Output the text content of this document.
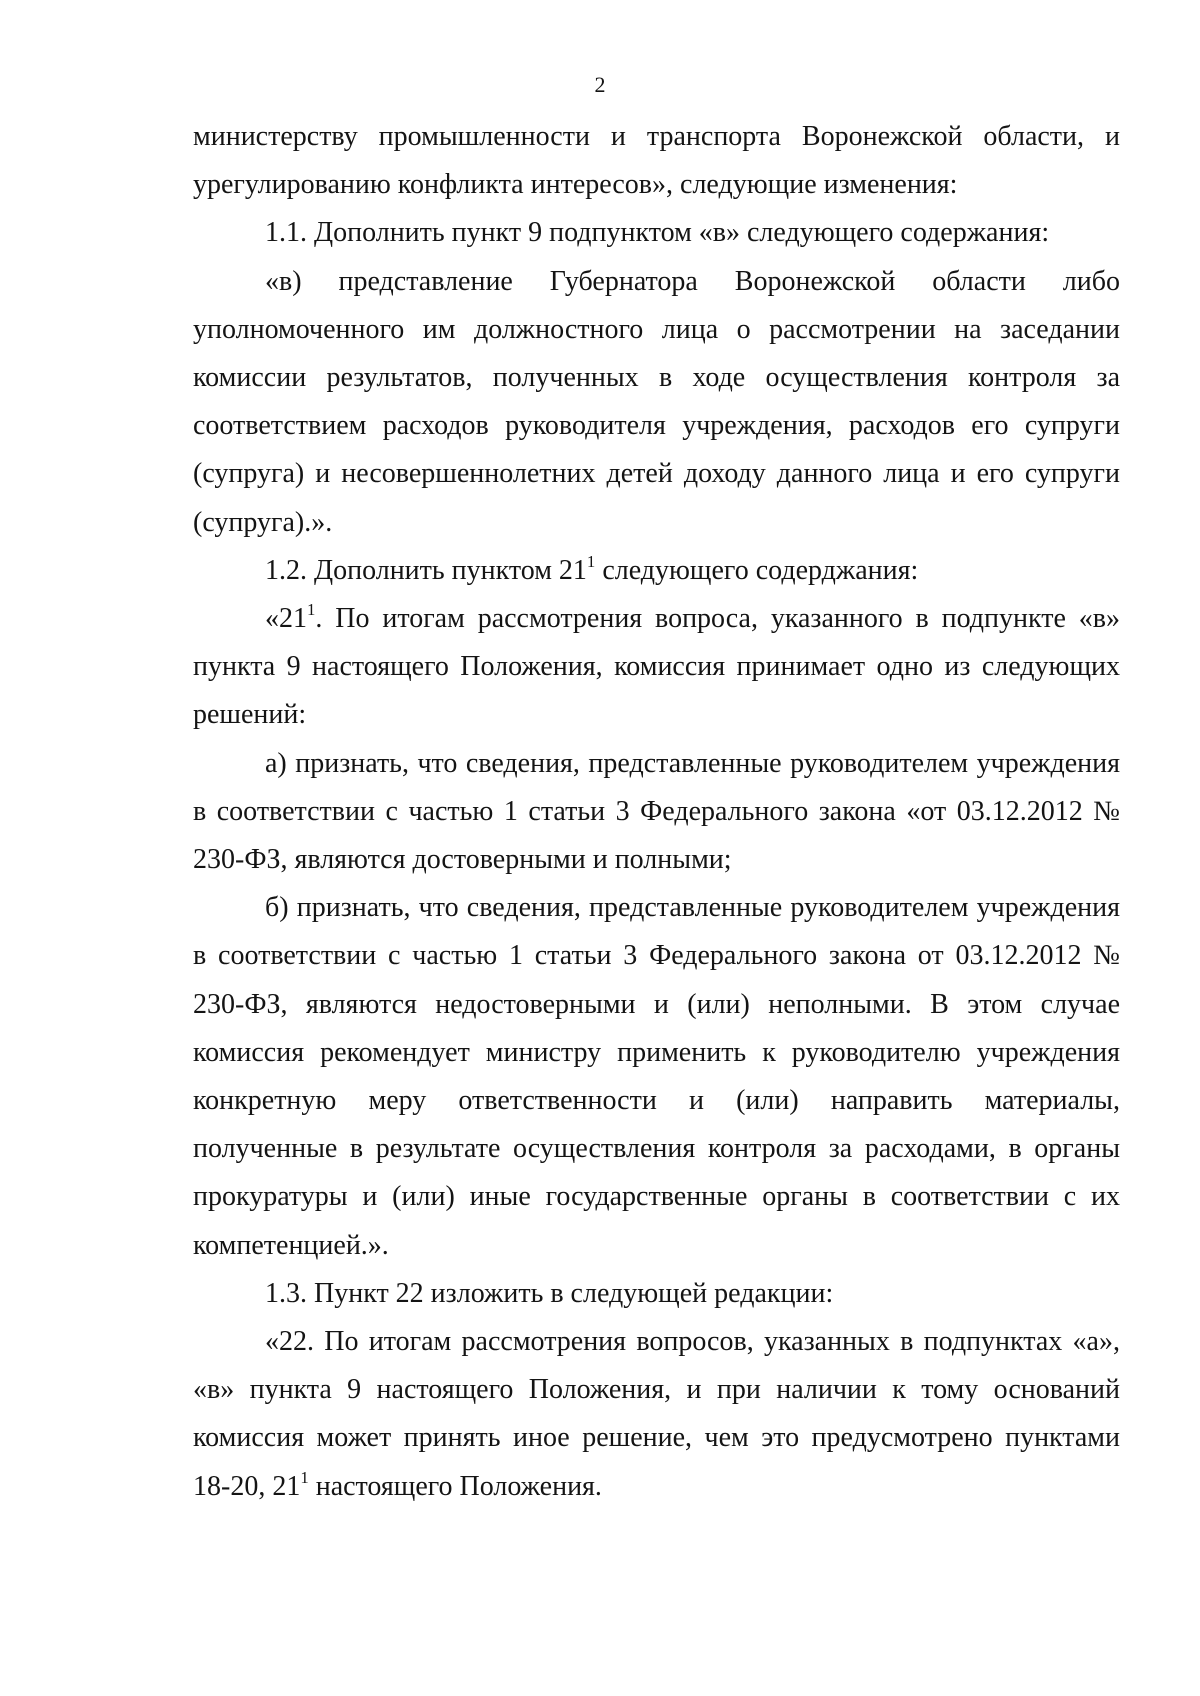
2

министерству промышленности и транспорта Воронежской области, и урегулированию конфликта интересов», следующие изменения:

1.1. Дополнить пункт 9 подпунктом «в» следующего содержания:

«в) представление Губернатора Воронежской области либо уполномоченного им должностного лица о рассмотрении на заседании комиссии результатов, полученных в ходе осуществления контроля за соответствием расходов руководителя учреждения, расходов его супруги (супруга) и несовершеннолетних детей доходу данного лица и его супруги (супруга).».

1.2. Дополнить пунктом $21^1$ следующего содерджания:

«$21^1$. По итогам рассмотрения вопроса, указанного в подпункте «в» пункта 9 настоящего Положения, комиссия принимает одно из следующих решений:

а) признать, что сведения, представленные руководителем учреждения в соответствии с частью 1 статьи 3 Федерального закона «от 03.12.2012 № 230-ФЗ, являются достоверными и полными;

б) признать, что сведения, представленные руководителем учреждения в соответствии с частью 1 статьи 3 Федерального закона от 03.12.2012 № 230-ФЗ, являются недостоверными и (или) неполными. В этом случае комиссия рекомендует министру применить к руководителю учреждения конкретную меру ответственности и (или) направить материалы, полученные в результате осуществления контроля за расходами, в органы прокуратуры и (или) иные государственные органы в соответствии с их компетенцией.».

1.3. Пункт 22 изложить в следующей редакции:

«22. По итогам рассмотрения вопросов, указанных в подпунктах «а», «в» пункта 9 настоящего Положения, и при наличии к тому оснований комиссия может принять иное решение, чем это предусмотрено пунктами 18-20, $21^1$ настоящего Положения.
